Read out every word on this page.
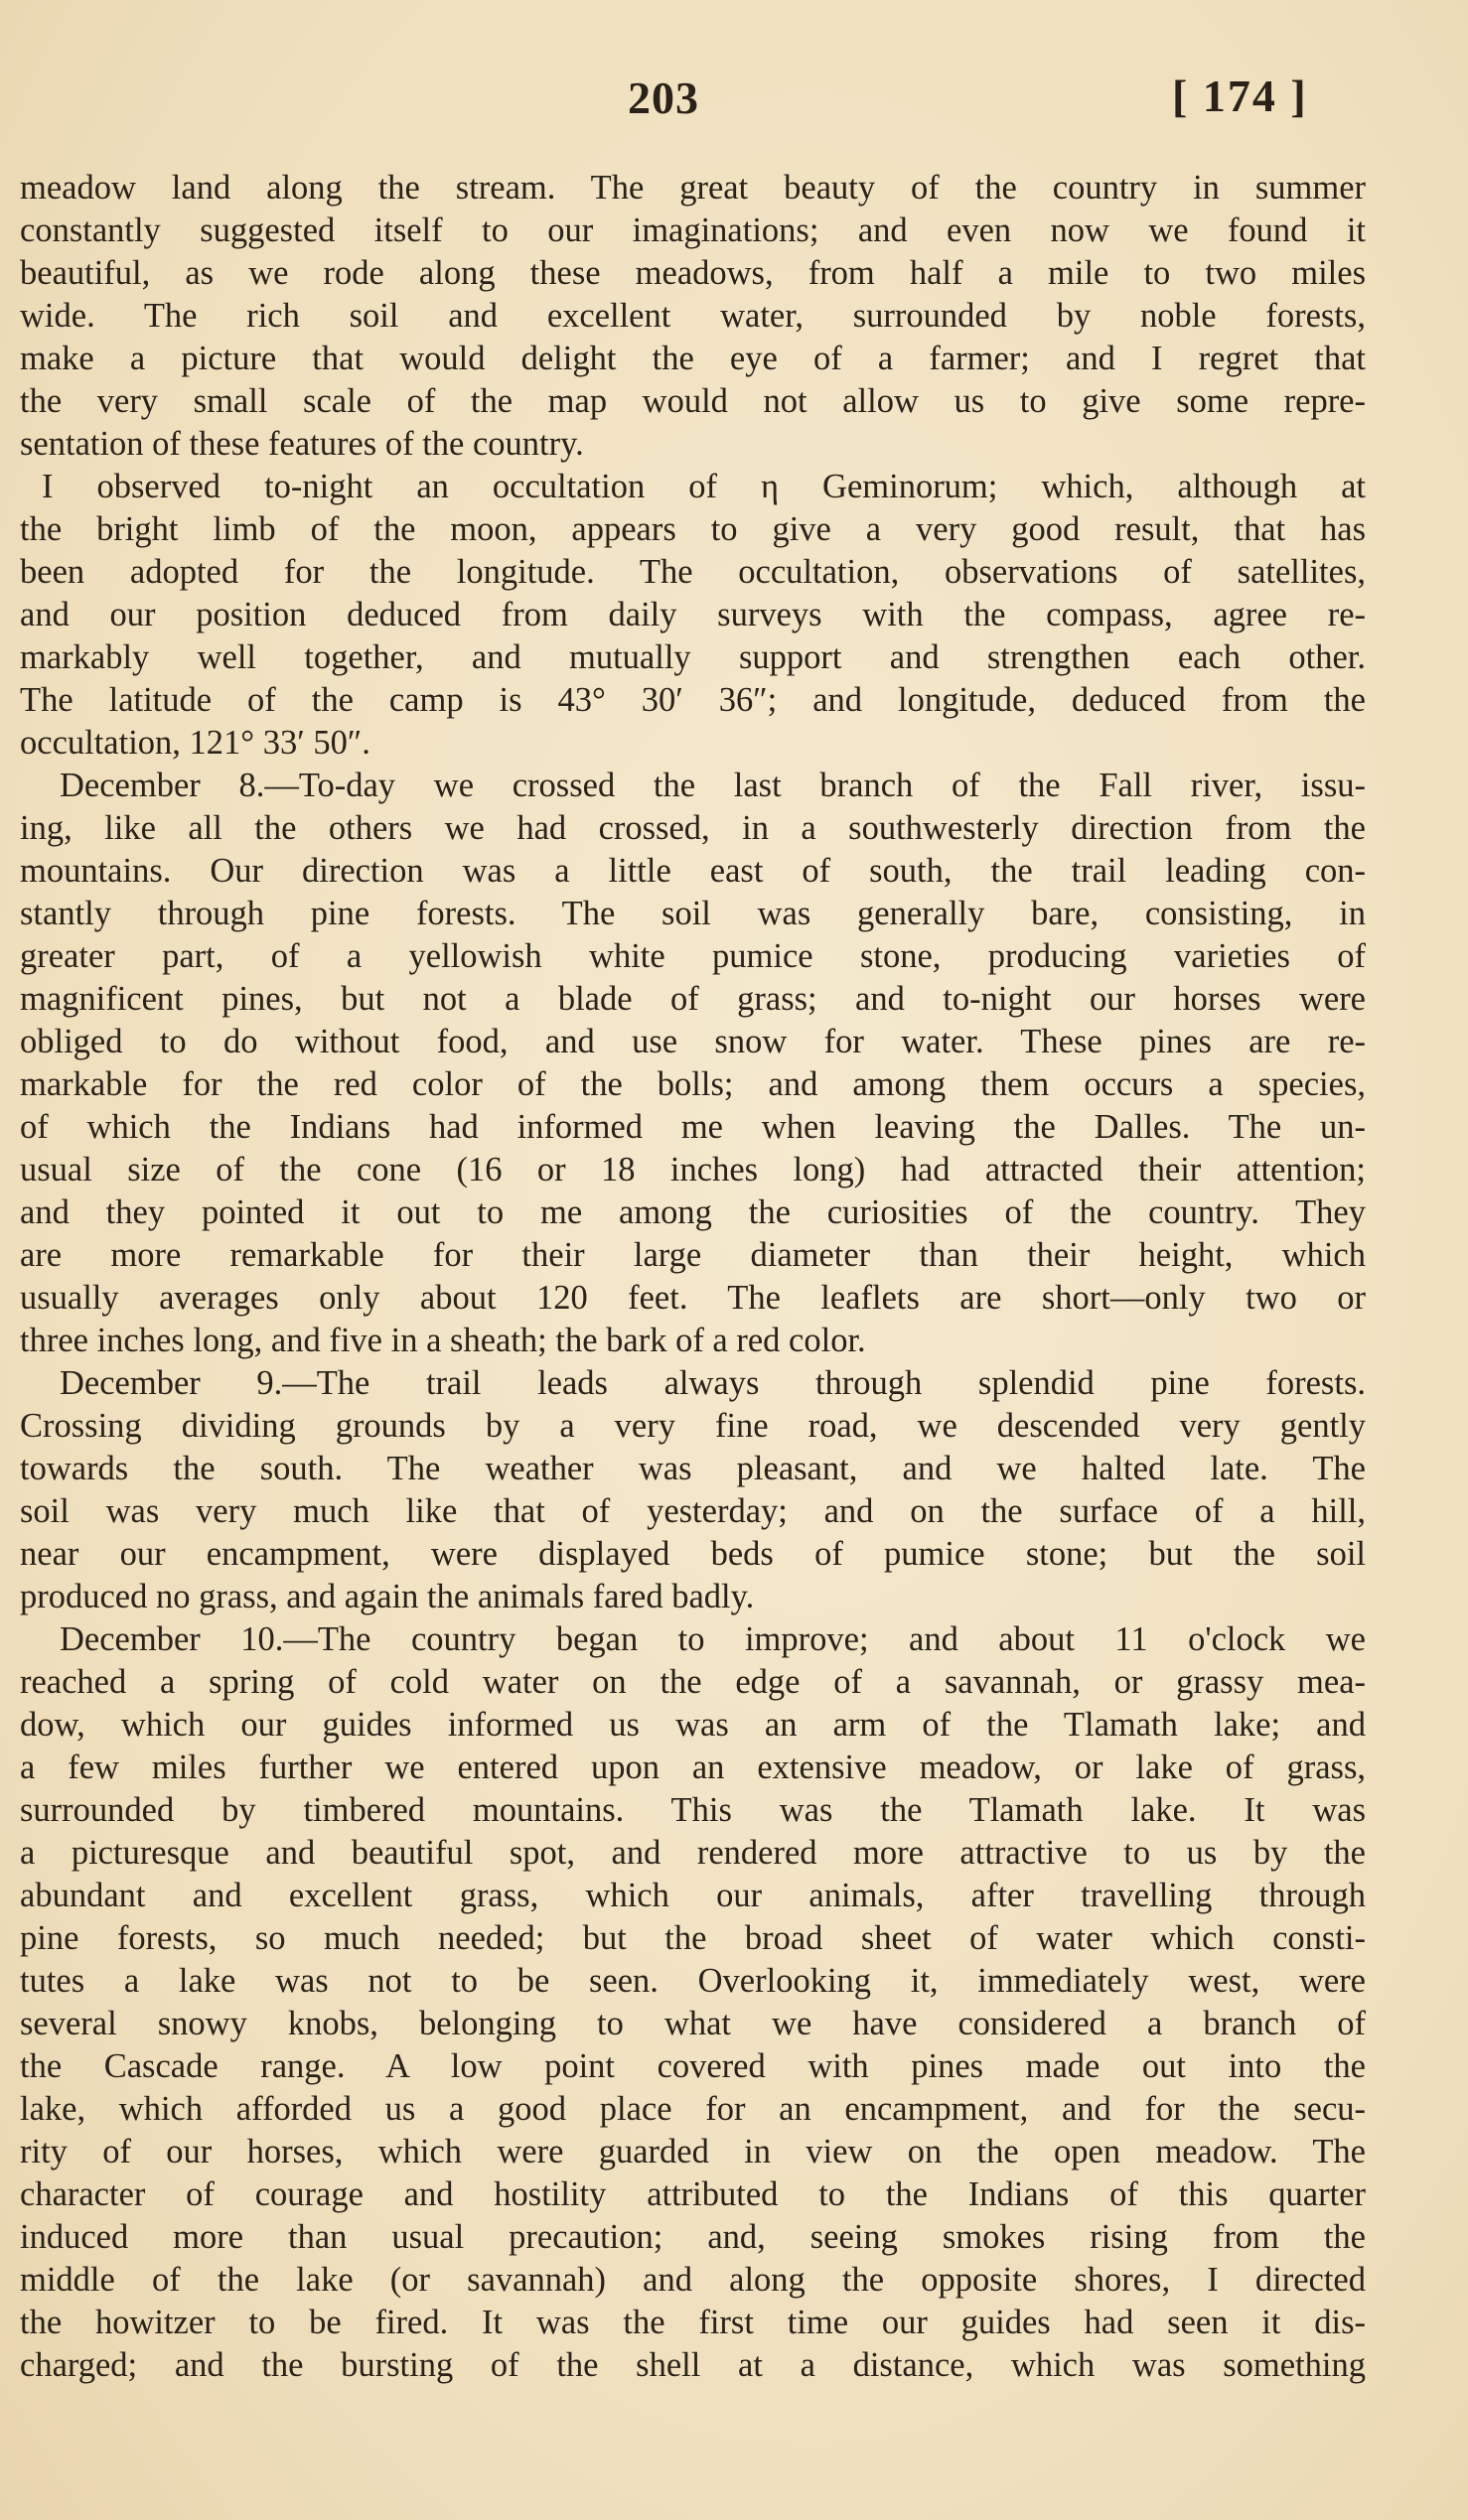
203	[ 174 ]
meadow land along the stream. The great beauty of the country in summer
constantly suggested itself to our imaginations; and even now we found it
beautiful, as we rode along these meadows, from half a mile to two miles
wide. The rich soil and excellent water, surrounded by noble forests,
make a picture that would delight the eye of a farmer; and I regret that
the very small scale of the map would not allow us to give some repre-
sentation of these features of the country.
I observed to-night an occultation of η Geminorum; which, although at
the bright limb of the moon, appears to give a very good result, that has
been adopted for the longitude. The occultation, observations of satellites,
and our position deduced from daily surveys with the compass, agree re-
markably well together, and mutually support and strengthen each other.
The latitude of the camp is 43° 30′ 36″; and longitude, deduced from the
occultation, 121° 33′ 50″.
December 8.—To-day we crossed the last branch of the Fall river, issu-
ing, like all the others we had crossed, in a southwesterly direction from the
mountains. Our direction was a little east of south, the trail leading con-
stantly through pine forests. The soil was generally bare, consisting, in
greater part, of a yellowish white pumice stone, producing varieties of
magnificent pines, but not a blade of grass; and to-night our horses were
obliged to do without food, and use snow for water. These pines are re-
markable for the red color of the bolls; and among them occurs a species,
of which the Indians had informed me when leaving the Dalles. The un-
usual size of the cone (16 or 18 inches long) had attracted their attention;
and they pointed it out to me among the curiosities of the country. They
are more remarkable for their large diameter than their height, which
usually averages only about 120 feet. The leaflets are short—only two or
three inches long, and five in a sheath; the bark of a red color.
December 9.—The trail leads always through splendid pine forests.
Crossing dividing grounds by a very fine road, we descended very gently
towards the south. The weather was pleasant, and we halted late. The
soil was very much like that of yesterday; and on the surface of a hill,
near our encampment, were displayed beds of pumice stone; but the soil
produced no grass, and again the animals fared badly.
December 10.—The country began to improve; and about 11 o'clock we
reached a spring of cold water on the edge of a savannah, or grassy mea-
dow, which our guides informed us was an arm of the Tlamath lake; and
a few miles further we entered upon an extensive meadow, or lake of grass,
surrounded by timbered mountains. This was the Tlamath lake. It was
a picturesque and beautiful spot, and rendered more attractive to us by the
abundant and excellent grass, which our animals, after travelling through
pine forests, so much needed; but the broad sheet of water which consti-
tutes a lake was not to be seen. Overlooking it, immediately west, were
several snowy knobs, belonging to what we have considered a branch of
the Cascade range. A low point covered with pines made out into the
lake, which afforded us a good place for an encampment, and for the secu-
rity of our horses, which were guarded in view on the open meadow. The
character of courage and hostility attributed to the Indians of this quarter
induced more than usual precaution; and, seeing smokes rising from the
middle of the lake (or savannah) and along the opposite shores, I directed
the howitzer to be fired. It was the first time our guides had seen it dis-
charged; and the bursting of the shell at a distance, which was something
